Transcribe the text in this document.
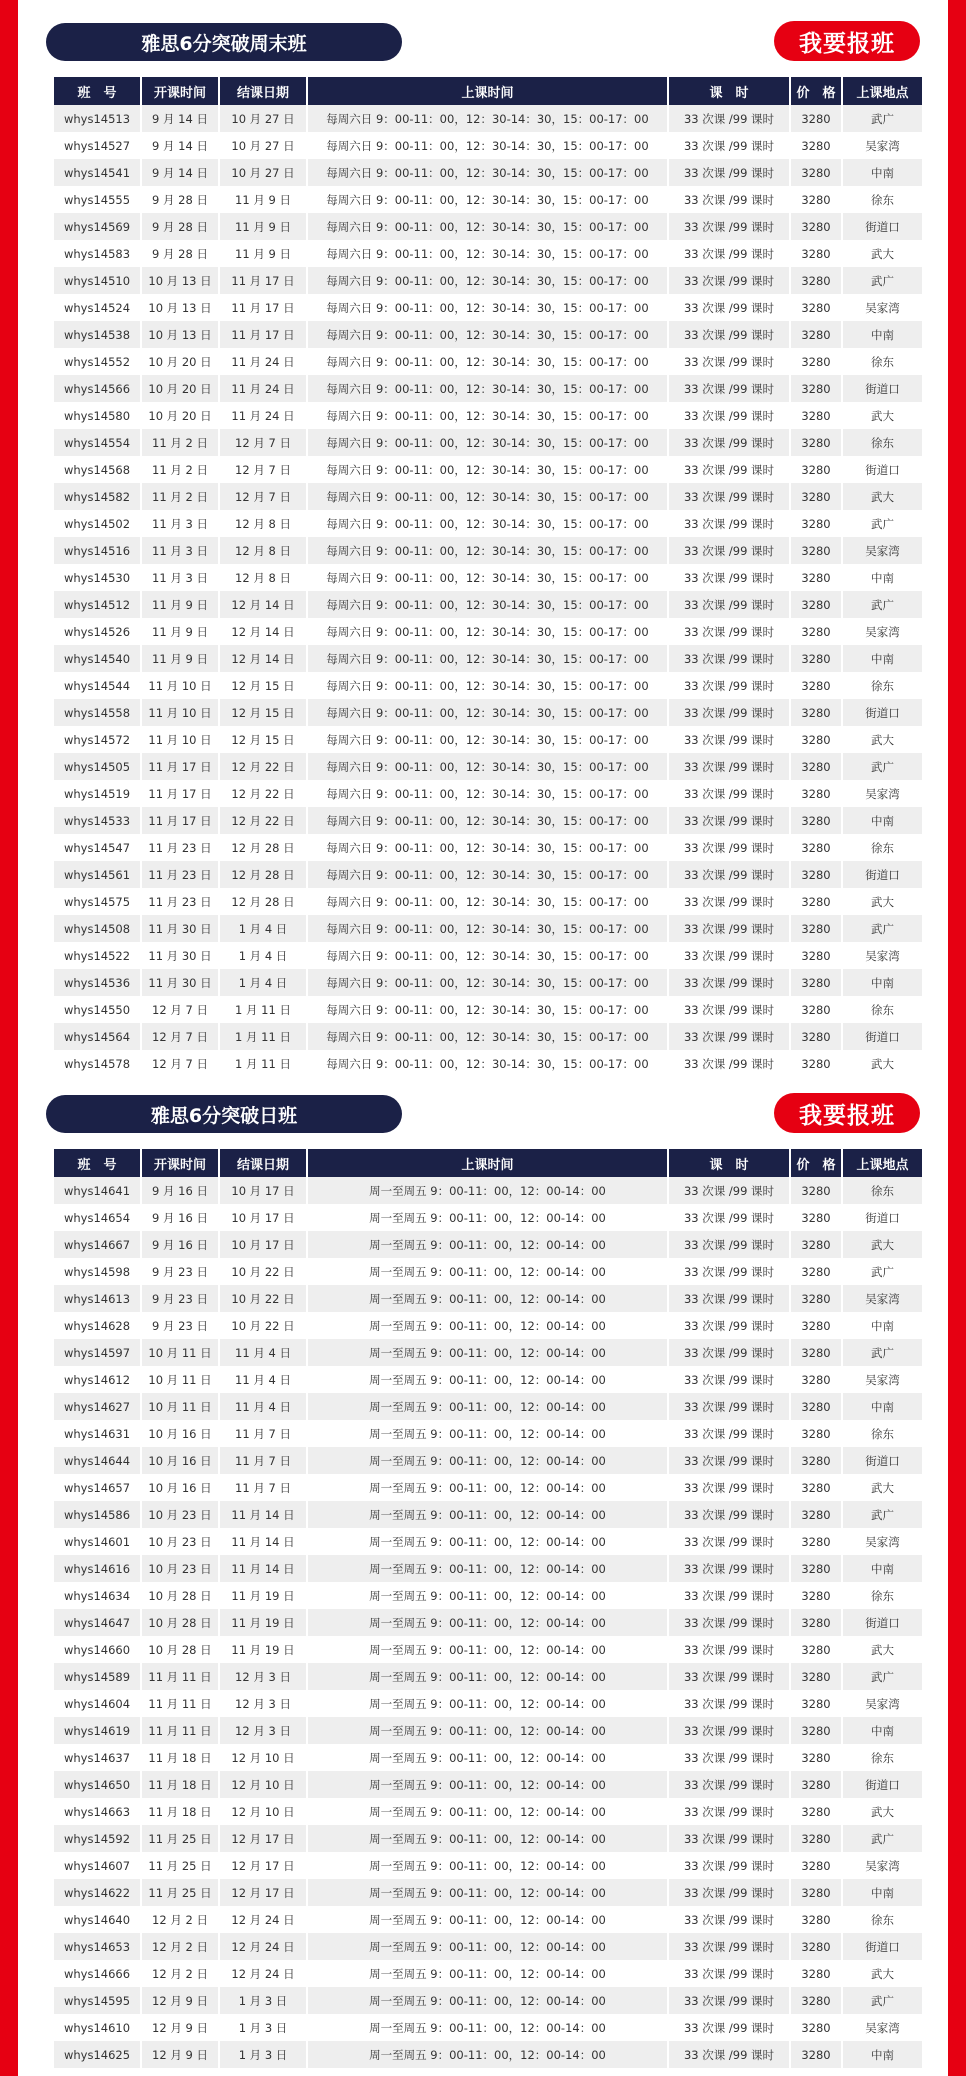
雅思6分突破周末班	我要报班
班　号	开课时间	结课日期	上课时间	课　时	价　格	上课地点
whys14513	9 月 14 日	10 月 27 日	每周六日 9：00-11：00，12：30-14：30，15：00-17：00	33 次课 /99 课时	3280	武广
whys14527	9 月 14 日	10 月 27 日	每周六日 9：00-11：00，12：30-14：30，15：00-17：00	33 次课 /99 课时	3280	吴家湾
whys14541	9 月 14 日	10 月 27 日	每周六日 9：00-11：00，12：30-14：30，15：00-17：00	33 次课 /99 课时	3280	中南
whys14555	9 月 28 日	11 月 9 日	每周六日 9：00-11：00，12：30-14：30，15：00-17：00	33 次课 /99 课时	3280	徐东
whys14569	9 月 28 日	11 月 9 日	每周六日 9：00-11：00，12：30-14：30，15：00-17：00	33 次课 /99 课时	3280	街道口
whys14583	9 月 28 日	11 月 9 日	每周六日 9：00-11：00，12：30-14：30，15：00-17：00	33 次课 /99 课时	3280	武大
whys14510	10 月 13 日	11 月 17 日	每周六日 9：00-11：00，12：30-14：30，15：00-17：00	33 次课 /99 课时	3280	武广
whys14524	10 月 13 日	11 月 17 日	每周六日 9：00-11：00，12：30-14：30，15：00-17：00	33 次课 /99 课时	3280	吴家湾
whys14538	10 月 13 日	11 月 17 日	每周六日 9：00-11：00，12：30-14：30，15：00-17：00	33 次课 /99 课时	3280	中南
whys14552	10 月 20 日	11 月 24 日	每周六日 9：00-11：00，12：30-14：30，15：00-17：00	33 次课 /99 课时	3280	徐东
whys14566	10 月 20 日	11 月 24 日	每周六日 9：00-11：00，12：30-14：30，15：00-17：00	33 次课 /99 课时	3280	街道口
whys14580	10 月 20 日	11 月 24 日	每周六日 9：00-11：00，12：30-14：30，15：00-17：00	33 次课 /99 课时	3280	武大
whys14554	11 月 2 日	12 月 7 日	每周六日 9：00-11：00，12：30-14：30，15：00-17：00	33 次课 /99 课时	3280	徐东
whys14568	11 月 2 日	12 月 7 日	每周六日 9：00-11：00，12：30-14：30，15：00-17：00	33 次课 /99 课时	3280	街道口
whys14582	11 月 2 日	12 月 7 日	每周六日 9：00-11：00，12：30-14：30，15：00-17：00	33 次课 /99 课时	3280	武大
whys14502	11 月 3 日	12 月 8 日	每周六日 9：00-11：00，12：30-14：30，15：00-17：00	33 次课 /99 课时	3280	武广
whys14516	11 月 3 日	12 月 8 日	每周六日 9：00-11：00，12：30-14：30，15：00-17：00	33 次课 /99 课时	3280	吴家湾
whys14530	11 月 3 日	12 月 8 日	每周六日 9：00-11：00，12：30-14：30，15：00-17：00	33 次课 /99 课时	3280	中南
whys14512	11 月 9 日	12 月 14 日	每周六日 9：00-11：00，12：30-14：30，15：00-17：00	33 次课 /99 课时	3280	武广
whys14526	11 月 9 日	12 月 14 日	每周六日 9：00-11：00，12：30-14：30，15：00-17：00	33 次课 /99 课时	3280	吴家湾
whys14540	11 月 9 日	12 月 14 日	每周六日 9：00-11：00，12：30-14：30，15：00-17：00	33 次课 /99 课时	3280	中南
whys14544	11 月 10 日	12 月 15 日	每周六日 9：00-11：00，12：30-14：30，15：00-17：00	33 次课 /99 课时	3280	徐东
whys14558	11 月 10 日	12 月 15 日	每周六日 9：00-11：00，12：30-14：30，15：00-17：00	33 次课 /99 课时	3280	街道口
whys14572	11 月 10 日	12 月 15 日	每周六日 9：00-11：00，12：30-14：30，15：00-17：00	33 次课 /99 课时	3280	武大
whys14505	11 月 17 日	12 月 22 日	每周六日 9：00-11：00，12：30-14：30，15：00-17：00	33 次课 /99 课时	3280	武广
whys14519	11 月 17 日	12 月 22 日	每周六日 9：00-11：00，12：30-14：30，15：00-17：00	33 次课 /99 课时	3280	吴家湾
whys14533	11 月 17 日	12 月 22 日	每周六日 9：00-11：00，12：30-14：30，15：00-17：00	33 次课 /99 课时	3280	中南
whys14547	11 月 23 日	12 月 28 日	每周六日 9：00-11：00，12：30-14：30，15：00-17：00	33 次课 /99 课时	3280	徐东
whys14561	11 月 23 日	12 月 28 日	每周六日 9：00-11：00，12：30-14：30，15：00-17：00	33 次课 /99 课时	3280	街道口
whys14575	11 月 23 日	12 月 28 日	每周六日 9：00-11：00，12：30-14：30，15：00-17：00	33 次课 /99 课时	3280	武大
whys14508	11 月 30 日	1 月 4 日	每周六日 9：00-11：00，12：30-14：30，15：00-17：00	33 次课 /99 课时	3280	武广
whys14522	11 月 30 日	1 月 4 日	每周六日 9：00-11：00，12：30-14：30，15：00-17：00	33 次课 /99 课时	3280	吴家湾
whys14536	11 月 30 日	1 月 4 日	每周六日 9：00-11：00，12：30-14：30，15：00-17：00	33 次课 /99 课时	3280	中南
whys14550	12 月 7 日	1 月 11 日	每周六日 9：00-11：00，12：30-14：30，15：00-17：00	33 次课 /99 课时	3280	徐东
whys14564	12 月 7 日	1 月 11 日	每周六日 9：00-11：00，12：30-14：30，15：00-17：00	33 次课 /99 课时	3280	街道口
whys14578	12 月 7 日	1 月 11 日	每周六日 9：00-11：00，12：30-14：30，15：00-17：00	33 次课 /99 课时	3280	武大
雅思6分突破日班	我要报班
班　号	开课时间	结课日期	上课时间	课　时	价　格	上课地点
whys14641	9 月 16 日	10 月 17 日	周一至周五 9：00-11：00，12：00-14：00	33 次课 /99 课时	3280	徐东
whys14654	9 月 16 日	10 月 17 日	周一至周五 9：00-11：00，12：00-14：00	33 次课 /99 课时	3280	街道口
whys14667	9 月 16 日	10 月 17 日	周一至周五 9：00-11：00，12：00-14：00	33 次课 /99 课时	3280	武大
whys14598	9 月 23 日	10 月 22 日	周一至周五 9：00-11：00，12：00-14：00	33 次课 /99 课时	3280	武广
whys14613	9 月 23 日	10 月 22 日	周一至周五 9：00-11：00，12：00-14：00	33 次课 /99 课时	3280	吴家湾
whys14628	9 月 23 日	10 月 22 日	周一至周五 9：00-11：00，12：00-14：00	33 次课 /99 课时	3280	中南
whys14597	10 月 11 日	11 月 4 日	周一至周五 9：00-11：00，12：00-14：00	33 次课 /99 课时	3280	武广
whys14612	10 月 11 日	11 月 4 日	周一至周五 9：00-11：00，12：00-14：00	33 次课 /99 课时	3280	吴家湾
whys14627	10 月 11 日	11 月 4 日	周一至周五 9：00-11：00，12：00-14：00	33 次课 /99 课时	3280	中南
whys14631	10 月 16 日	11 月 7 日	周一至周五 9：00-11：00，12：00-14：00	33 次课 /99 课时	3280	徐东
whys14644	10 月 16 日	11 月 7 日	周一至周五 9：00-11：00，12：00-14：00	33 次课 /99 课时	3280	街道口
whys14657	10 月 16 日	11 月 7 日	周一至周五 9：00-11：00，12：00-14：00	33 次课 /99 课时	3280	武大
whys14586	10 月 23 日	11 月 14 日	周一至周五 9：00-11：00，12：00-14：00	33 次课 /99 课时	3280	武广
whys14601	10 月 23 日	11 月 14 日	周一至周五 9：00-11：00，12：00-14：00	33 次课 /99 课时	3280	吴家湾
whys14616	10 月 23 日	11 月 14 日	周一至周五 9：00-11：00，12：00-14：00	33 次课 /99 课时	3280	中南
whys14634	10 月 28 日	11 月 19 日	周一至周五 9：00-11：00，12：00-14：00	33 次课 /99 课时	3280	徐东
whys14647	10 月 28 日	11 月 19 日	周一至周五 9：00-11：00，12：00-14：00	33 次课 /99 课时	3280	街道口
whys14660	10 月 28 日	11 月 19 日	周一至周五 9：00-11：00，12：00-14：00	33 次课 /99 课时	3280	武大
whys14589	11 月 11 日	12 月 3 日	周一至周五 9：00-11：00，12：00-14：00	33 次课 /99 课时	3280	武广
whys14604	11 月 11 日	12 月 3 日	周一至周五 9：00-11：00，12：00-14：00	33 次课 /99 课时	3280	吴家湾
whys14619	11 月 11 日	12 月 3 日	周一至周五 9：00-11：00，12：00-14：00	33 次课 /99 课时	3280	中南
whys14637	11 月 18 日	12 月 10 日	周一至周五 9：00-11：00，12：00-14：00	33 次课 /99 课时	3280	徐东
whys14650	11 月 18 日	12 月 10 日	周一至周五 9：00-11：00，12：00-14：00	33 次课 /99 课时	3280	街道口
whys14663	11 月 18 日	12 月 10 日	周一至周五 9：00-11：00，12：00-14：00	33 次课 /99 课时	3280	武大
whys14592	11 月 25 日	12 月 17 日	周一至周五 9：00-11：00，12：00-14：00	33 次课 /99 课时	3280	武广
whys14607	11 月 25 日	12 月 17 日	周一至周五 9：00-11：00，12：00-14：00	33 次课 /99 课时	3280	吴家湾
whys14622	11 月 25 日	12 月 17 日	周一至周五 9：00-11：00，12：00-14：00	33 次课 /99 课时	3280	中南
whys14640	12 月 2 日	12 月 24 日	周一至周五 9：00-11：00，12：00-14：00	33 次课 /99 课时	3280	徐东
whys14653	12 月 2 日	12 月 24 日	周一至周五 9：00-11：00，12：00-14：00	33 次课 /99 课时	3280	街道口
whys14666	12 月 2 日	12 月 24 日	周一至周五 9：00-11：00，12：00-14：00	33 次课 /99 课时	3280	武大
whys14595	12 月 9 日	1 月 3 日	周一至周五 9：00-11：00，12：00-14：00	33 次课 /99 课时	3280	武广
whys14610	12 月 9 日	1 月 3 日	周一至周五 9：00-11：00，12：00-14：00	33 次课 /99 课时	3280	吴家湾
whys14625	12 月 9 日	1 月 3 日	周一至周五 9：00-11：00，12：00-14：00	33 次课 /99 课时	3280	中南
